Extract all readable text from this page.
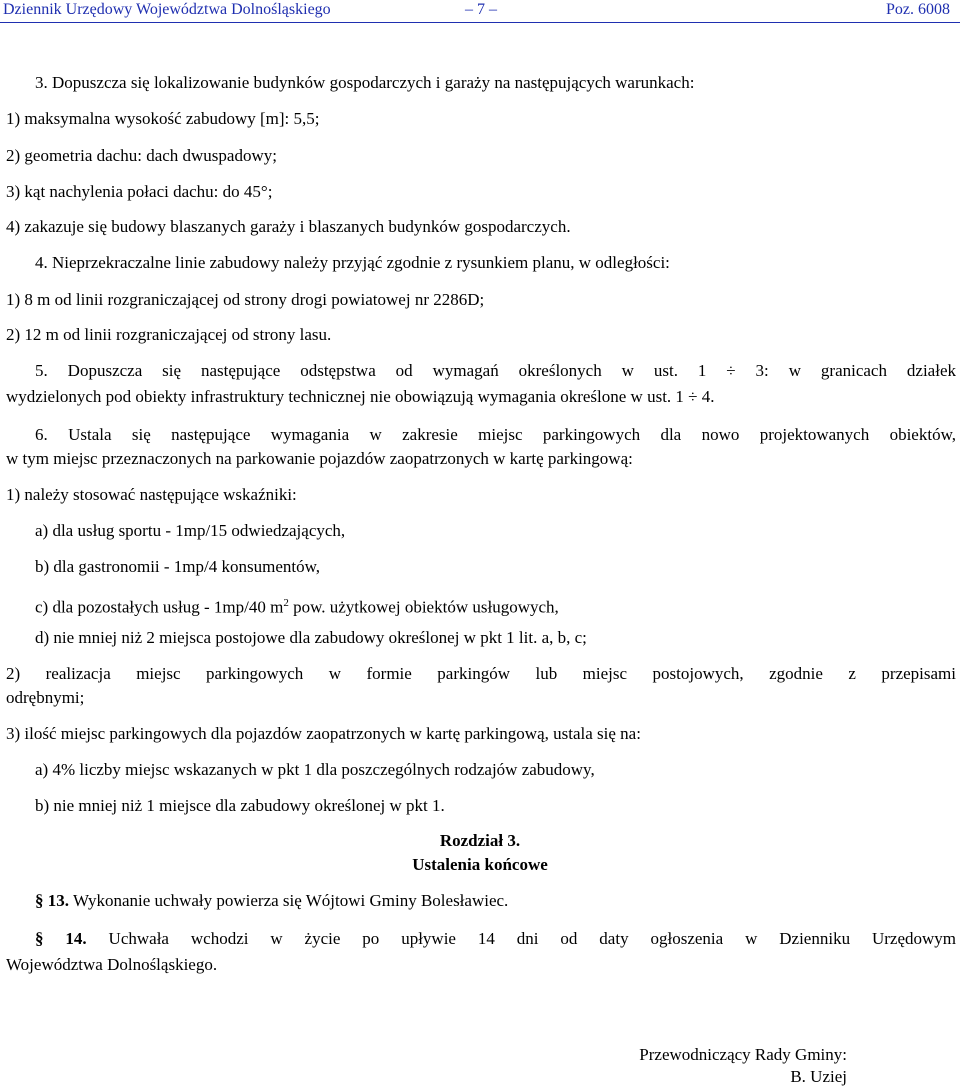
Dziennik Urzędowy Województwa Dolnośląskiego	– 7 –	Poz. 6008
3. Dopuszcza się lokalizowanie budynków gospodarczych i garaży na następujących warunkach:
1) maksymalna wysokość zabudowy [m]: 5,5;
2) geometria dachu: dach dwuspadowy;
3) kąt nachylenia połaci dachu: do 45°;
4) zakazuje się budowy blaszanych garaży i blaszanych budynków gospodarczych.
4. Nieprzekraczalne linie zabudowy należy przyjąć zgodnie z rysunkiem planu, w odległości:
1) 8 m od linii rozgraniczającej od strony drogi powiatowej nr 2286D;
2) 12 m od linii rozgraniczającej od strony lasu.
5. Dopuszcza się następujące odstępstwa od wymagań określonych w ust. 1 ÷ 3: w granicach działek
wydzielonych pod obiekty infrastruktury technicznej nie obowiązują wymagania określone w ust. 1 ÷ 4.
6. Ustala się następujące wymagania w zakresie miejsc parkingowych dla nowo projektowanych obiektów,
w tym miejsc przeznaczonych na parkowanie pojazdów zaopatrzonych w kartę parkingową:
1) należy stosować następujące wskaźniki:
a) dla usług sportu - 1mp/15 odwiedzających,
b) dla gastronomii - 1mp/4 konsumentów,
c) dla pozostałych usług - 1mp/40 $m^2$ pow. użytkowej obiektów usługowych,
d) nie mniej niż 2 miejsca postojowe dla zabudowy określonej w pkt 1 lit. a, b, c;
2) realizacja miejsc parkingowych w formie parkingów lub miejsc postojowych, zgodnie z przepisami
odrębnymi;
3) ilość miejsc parkingowych dla pojazdów zaopatrzonych w kartę parkingową, ustala się na:
a) 4% liczby miejsc wskazanych w pkt 1 dla poszczególnych rodzajów zabudowy,
b) nie mniej niż 1 miejsce dla zabudowy określonej w pkt 1.
Rozdział 3.
Ustalenia końcowe
§ 13. Wykonanie uchwały powierza się Wójtowi Gminy Bolesławiec.
§ 14. Uchwała wchodzi w życie po upływie 14 dni od daty ogłoszenia w Dzienniku Urzędowym
Województwa Dolnośląskiego.
Przewodniczący Rady Gminy:
B. Uziej
